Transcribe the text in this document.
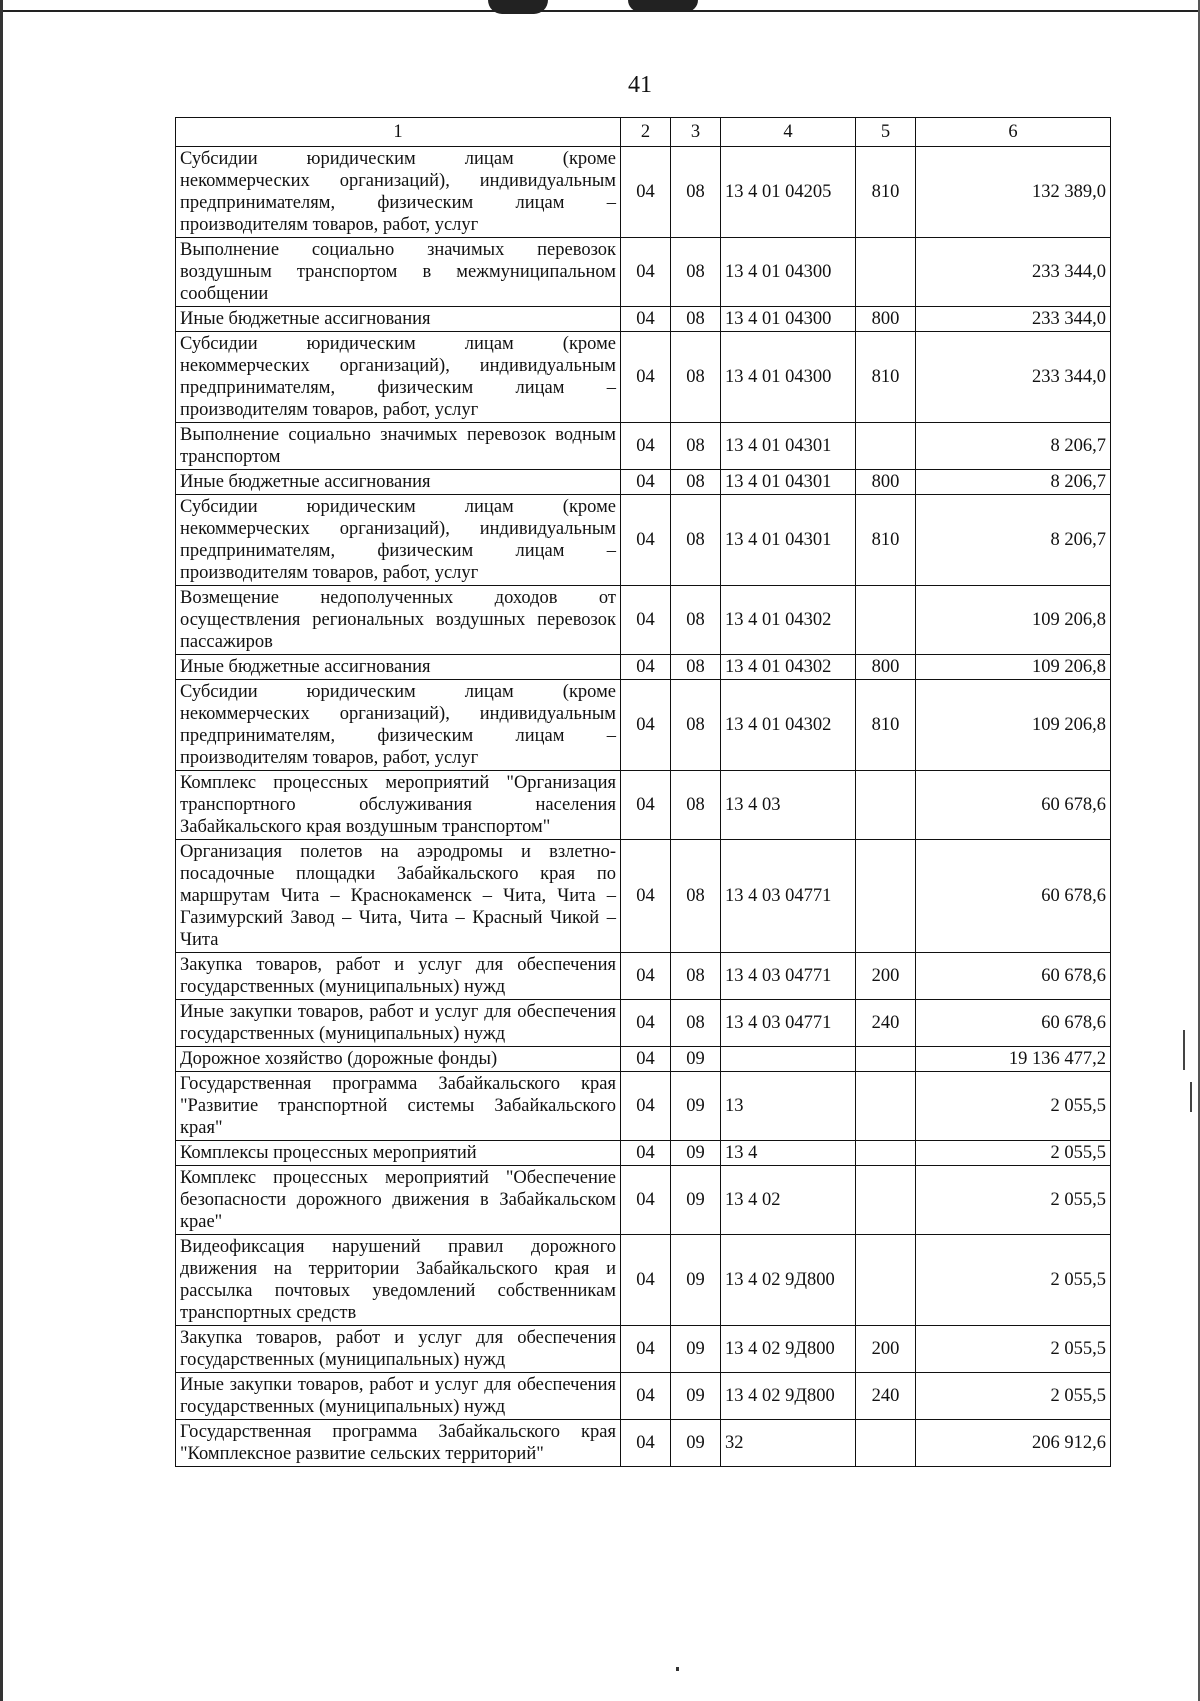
41
1	2	3	4	5	6
Субсидии юридическим лицам (кроме некоммерческих организаций), индивидуальным предпринимателям, физическим лицам – производителям товаров, работ, услуг	04	08	13 4 01 04205	810	132 389,0
Выполнение социально значимых перевозок воздушным транспортом в межмуниципальном сообщении	04	08	13 4 01 04300		233 344,0
Иные бюджетные ассигнования	04	08	13 4 01 04300	800	233 344,0
Субсидии юридическим лицам (кроме некоммерческих организаций), индивидуальным предпринимателям, физическим лицам – производителям товаров, работ, услуг	04	08	13 4 01 04300	810	233 344,0
Выполнение социально значимых перевозок водным транспортом	04	08	13 4 01 04301		8 206,7
Иные бюджетные ассигнования	04	08	13 4 01 04301	800	8 206,7
Субсидии юридическим лицам (кроме некоммерческих организаций), индивидуальным предпринимателям, физическим лицам – производителям товаров, работ, услуг	04	08	13 4 01 04301	810	8 206,7
Возмещение недополученных доходов от осуществления региональных воздушных перевозок пассажиров	04	08	13 4 01 04302		109 206,8
Иные бюджетные ассигнования	04	08	13 4 01 04302	800	109 206,8
Субсидии юридическим лицам (кроме некоммерческих организаций), индивидуальным предпринимателям, физическим лицам – производителям товаров, работ, услуг	04	08	13 4 01 04302	810	109 206,8
Комплекс процессных мероприятий "Организация транспортного обслуживания населения Забайкальского края воздушным транспортом"	04	08	13 4 03		60 678,6
Организация полетов на аэродромы и взлетно-посадочные площадки Забайкальского края по маршрутам Чита – Краснокаменск – Чита, Чита – Газимурский Завод – Чита, Чита – Красный Чикой – Чита	04	08	13 4 03 04771		60 678,6
Закупка товаров, работ и услуг для обеспечения государственных (муниципальных) нужд	04	08	13 4 03 04771	200	60 678,6
Иные закупки товаров, работ и услуг для обеспечения государственных (муниципальных) нужд	04	08	13 4 03 04771	240	60 678,6
Дорожное хозяйство (дорожные фонды)	04	09			19 136 477,2
Государственная программа Забайкальского края "Развитие транспортной системы Забайкальского края"	04	09	13		2 055,5
Комплексы процессных мероприятий	04	09	13 4		2 055,5
Комплекс процессных мероприятий "Обеспечение безопасности дорожного движения в Забайкальском крае"	04	09	13 4 02		2 055,5
Видеофиксация нарушений правил дорожного движения на территории Забайкальского края и рассылка почтовых уведомлений собственникам транспортных средств	04	09	13 4 02 9Д800		2 055,5
Закупка товаров, работ и услуг для обеспечения государственных (муниципальных) нужд	04	09	13 4 02 9Д800	200	2 055,5
Иные закупки товаров, работ и услуг для обеспечения государственных (муниципальных) нужд	04	09	13 4 02 9Д800	240	2 055,5
Государственная программа Забайкальского края "Комплексное развитие сельских территорий"	04	09	32		206 912,6
